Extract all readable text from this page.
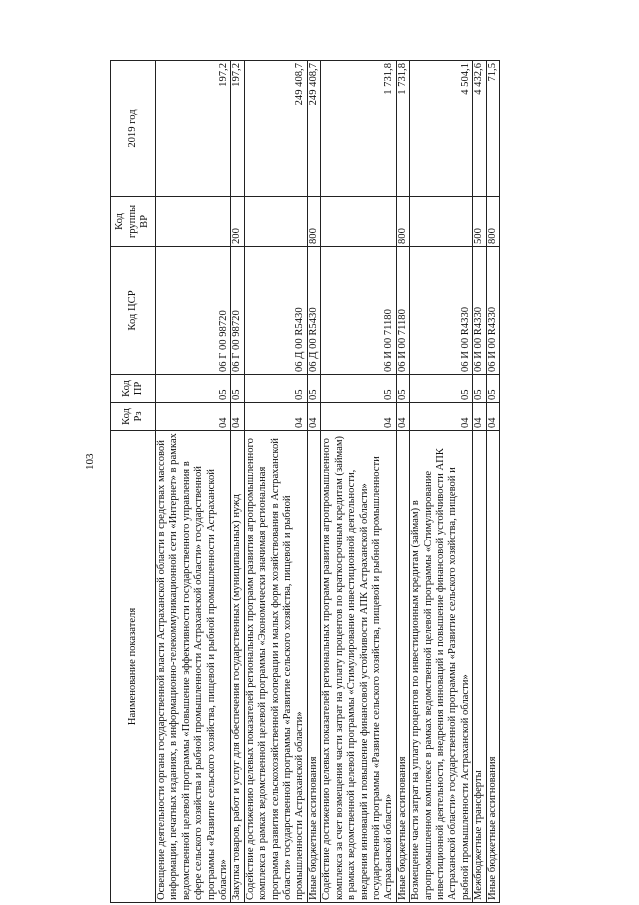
103
Наименование показателя	Код Рз	Код ПР	Код ЦСР	Код группы ВР	2019 год
Освещение деятельности органа государственной власти Астраханской области в средствах массовой информации, печатных изданиях, в информационно-телекоммуникационной сети «Интернет» в рамках ведомственной целевой программы «Повышение эффективности государственного управления в сфере сельского хозяйства и рыбной промышленности Астраханской области» государственной программы «Развитие сельского хозяйства, пищевой и рыбной промышленности Астраханской области»	04	05	06 Г 00 98720		197,2
Закупка товаров, работ и услуг для обеспечения государственных (муниципальных) нужд	04	05	06 Г 00 98720	200	197,2
Содействие достижению целевых показателей региональных программ развития агропромышленного комплекса в рамках ведомственной целевой программы «Экономически значимая региональная программа развития сельскохозяйственной кооперации и малых форм хозяйствования в Астраханской области» государственной программы «Развитие сельского хозяйства, пищевой и рыбной промышленности Астраханской области»	04	05	06 Д 00 R5430		249 408,7
Иные бюджетные ассигнования	04	05	06 Д 00 R5430	800	249 408,7
Содействие достижению целевых показателей региональных программ развития агропромышленного комплекса за счет возмещения части затрат на уплату процентов по краткосрочным кредитам (займам) в рамках ведомственной целевой программы «Стимулирование инвестиционной деятельности, внедрения инноваций и повышение финансовой устойчивости АПК Астраханской области» государственной программы «Развитие сельского хозяйства, пищевой и рыбной промышленности Астраханской области»	04	05	06 И 00 71180		1 731,8
Иные бюджетные ассигнования	04	05	06 И 00 71180	800	1 731,8
Возмещение части затрат на уплату процентов по инвестиционным кредитам (займам) в агропромышленном комплексе в рамках ведомственной целевой программы «Стимулирование инвестиционной деятельности, внедрения инноваций и повышение финансовой устойчивости АПК Астраханской области» государственной программы «Развитие сельского хозяйства, пищевой и рыбной промышленности Астраханской области»	04	05	06 И 00 R4330		4 504,1
Межбюджетные трансферты	04	05	06 И 00 R4330	500	4 432,6
Иные бюджетные ассигнования	04	05	06 И 00 R4330	800	71,5
